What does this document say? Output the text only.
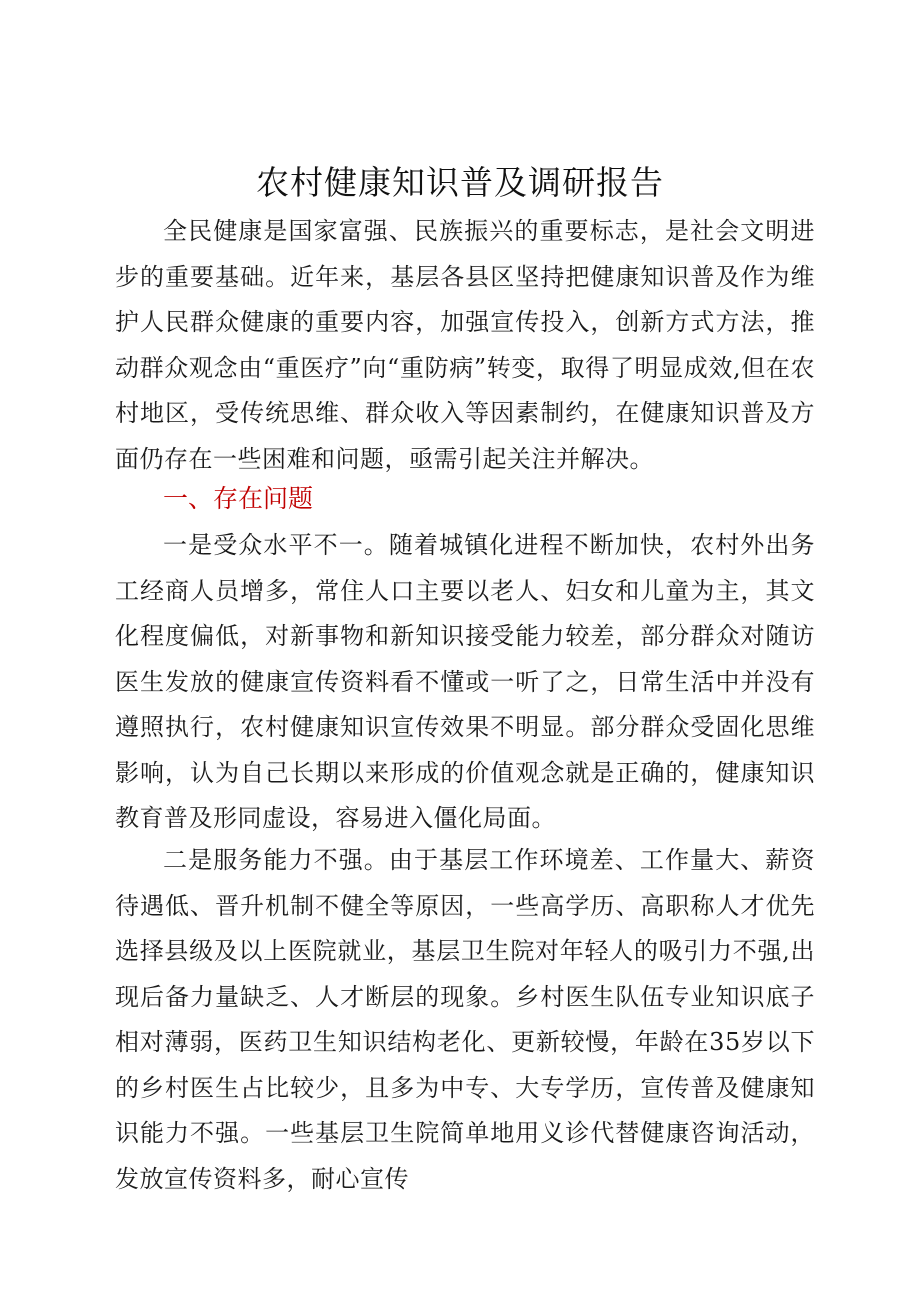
农村健康知识普及调研报告

全民健康是国家富强、民族振兴的重要标志，是社会文明进步的重要基础。近年来，基层各县区坚持把健康知识普及作为维护人民群众健康的重要内容，加强宣传投入，创新方式方法，推动群众观念由“重医疗”向“重防病”转变，取得了明显成效,但在农村地区，受传统思维、群众收入等因素制约，在健康知识普及方面仍存在一些困难和问题，亟需引起关注并解决。

一、存在问题

一是受众水平不一。随着城镇化进程不断加快，农村外出务工经商人员增多，常住人口主要以老人、妇女和儿童为主，其文化程度偏低，对新事物和新知识接受能力较差，部分群众对随访医生发放的健康宣传资料看不懂或一听了之，日常生活中并没有遵照执行，农村健康知识宣传效果不明显。部分群众受固化思维影响，认为自己长期以来形成的价值观念就是正确的，健康知识教育普及形同虚设，容易进入僵化局面。

二是服务能力不强。由于基层工作环境差、工作量大、薪资待遇低、晋升机制不健全等原因，一些高学历、高职称人才优先选择县级及以上医院就业，基层卫生院对年轻人的吸引力不强,出现后备力量缺乏、人才断层的现象。乡村医生队伍专业知识底子相对薄弱，医药卫生知识结构老化、更新较慢，年龄在35岁以下的乡村医生占比较少，且多为中专、大专学历，宣传普及健康知识能力不强。一些基层卫生院简单地用义诊代替健康咨询活动，发放宣传资料多，耐心宣传
